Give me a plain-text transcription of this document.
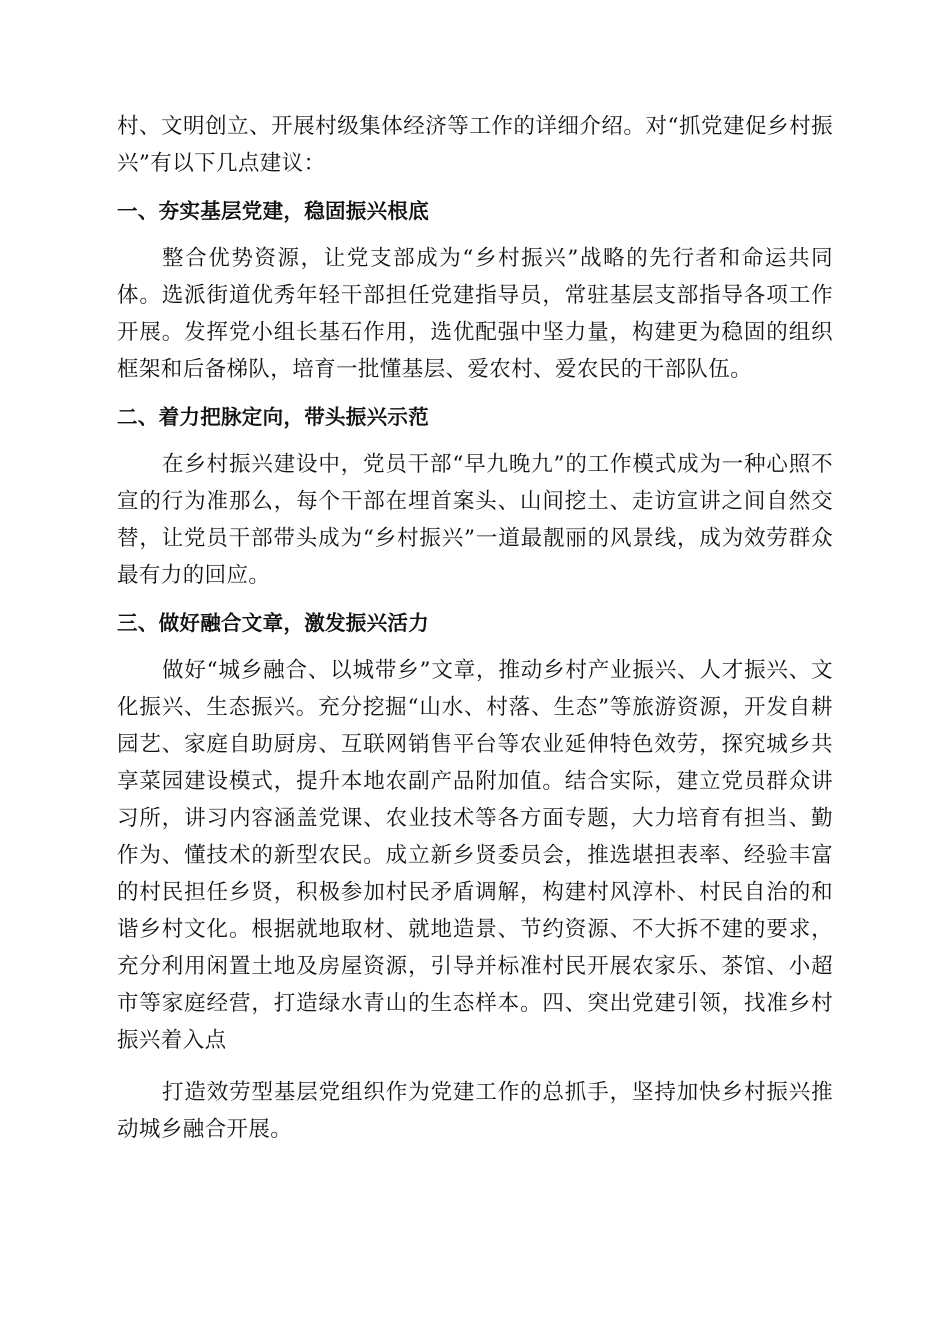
村、文明创立、开展村级集体经济等工作的详细介绍。对“抓党建促乡村振兴”有以下几点建议：

一、夯实基层党建，稳固振兴根底

整合优势资源，让党支部成为“乡村振兴”战略的先行者和命运共同体。选派街道优秀年轻干部担任党建指导员，常驻基层支部指导各项工作开展。发挥党小组长基石作用，选优配强中坚力量，构建更为稳固的组织框架和后备梯队，培育一批懂基层、爱农村、爱农民的干部队伍。

二、着力把脉定向，带头振兴示范

在乡村振兴建设中，党员干部“早九晚九”的工作模式成为一种心照不宣的行为准那么，每个干部在埋首案头、山间挖土、走访宣讲之间自然交替，让党员干部带头成为“乡村振兴”一道最靓丽的风景线，成为效劳群众最有力的回应。

三、做好融合文章，激发振兴活力

做好“城乡融合、以城带乡”文章，推动乡村产业振兴、人才振兴、文化振兴、生态振兴。充分挖掘“山水、村落、生态”等旅游资源，开发自耕园艺、家庭自助厨房、互联网销售平台等农业延伸特色效劳，探究城乡共享菜园建设模式，提升本地农副产品附加值。结合实际，建立党员群众讲习所，讲习内容涵盖党课、农业技术等各方面专题，大力培育有担当、勤作为、懂技术的新型农民。成立新乡贤委员会，推选堪担表率、经验丰富的村民担任乡贤，积极参加村民矛盾调解，构建村风淳朴、村民自治的和谐乡村文化。根据就地取材、就地造景、节约资源、不大拆不建的要求，充分利用闲置土地及房屋资源，引导并标准村民开展农家乐、茶馆、小超市等家庭经营，打造绿水青山的生态样本。四、突出党建引领，找准乡村振兴着入点

打造效劳型基层党组织作为党建工作的总抓手，坚持加快乡村振兴推动城乡融合开展。
